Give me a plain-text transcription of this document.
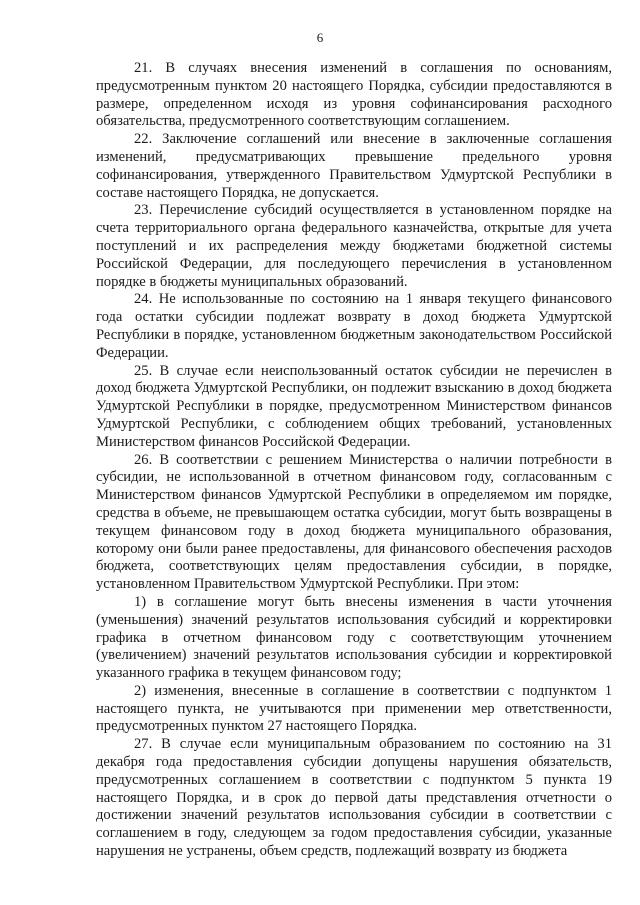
6

21. В случаях внесения изменений в соглашения по основаниям, предусмотренным пунктом 20 настоящего Порядка, субсидии предоставляются в размере, определенном исходя из уровня софинансирования расходного обязательства, предусмотренного соответствующим соглашением.

22. Заключение соглашений или внесение в заключенные соглашения изменений, предусматривающих превышение предельного уровня софинансирования, утвержденного Правительством Удмуртской Республики в составе настоящего Порядка, не допускается.

23. Перечисление субсидий осуществляется в установленном порядке на счета территориального органа федерального казначейства, открытые для учета поступлений и их распределения между бюджетами бюджетной системы Российской Федерации, для последующего перечисления в установленном порядке в бюджеты муниципальных образований.

24. Не использованные по состоянию на 1 января текущего финансового года остатки субсидии подлежат возврату в доход бюджета Удмуртской Республики в порядке, установленном бюджетным законодательством Российской Федерации.

25. В случае если неиспользованный остаток субсидии не перечислен в доход бюджета Удмуртской Республики, он подлежит взысканию в доход бюджета Удмуртской Республики в порядке, предусмотренном Министерством финансов Удмуртской Республики, с соблюдением общих требований, установленных Министерством финансов Российской Федерации.

26. В соответствии с решением Министерства о наличии потребности в субсидии, не использованной в отчетном финансовом году, согласованным с Министерством финансов Удмуртской Республики в определяемом им порядке, средства в объеме, не превышающем остатка субсидии, могут быть возвращены в текущем финансовом году в доход бюджета муниципального образования, которому они были ранее предоставлены, для финансового обеспечения расходов бюджета, соответствующих целям предоставления субсидии, в порядке, установленном Правительством Удмуртской Республики. При этом:

1) в соглашение могут быть внесены изменения в части уточнения (уменьшения) значений результатов использования субсидий и корректировки графика в отчетном финансовом году с соответствующим уточнением (увеличением) значений результатов использования субсидии и корректировкой указанного графика в текущем финансовом году;

2) изменения, внесенные в соглашение в соответствии с подпунктом 1 настоящего пункта, не учитываются при применении мер ответственности, предусмотренных пунктом 27 настоящего Порядка.

27. В случае если муниципальным образованием по состоянию на 31 декабря года предоставления субсидии допущены нарушения обязательств, предусмотренных соглашением в соответствии с подпунктом 5 пункта 19 настоящего Порядка, и в срок до первой даты представления отчетности о достижении значений результатов использования субсидии в соответствии с соглашением в году, следующем за годом предоставления субсидии, указанные нарушения не устранены, объем средств, подлежащий возврату из бюджета
